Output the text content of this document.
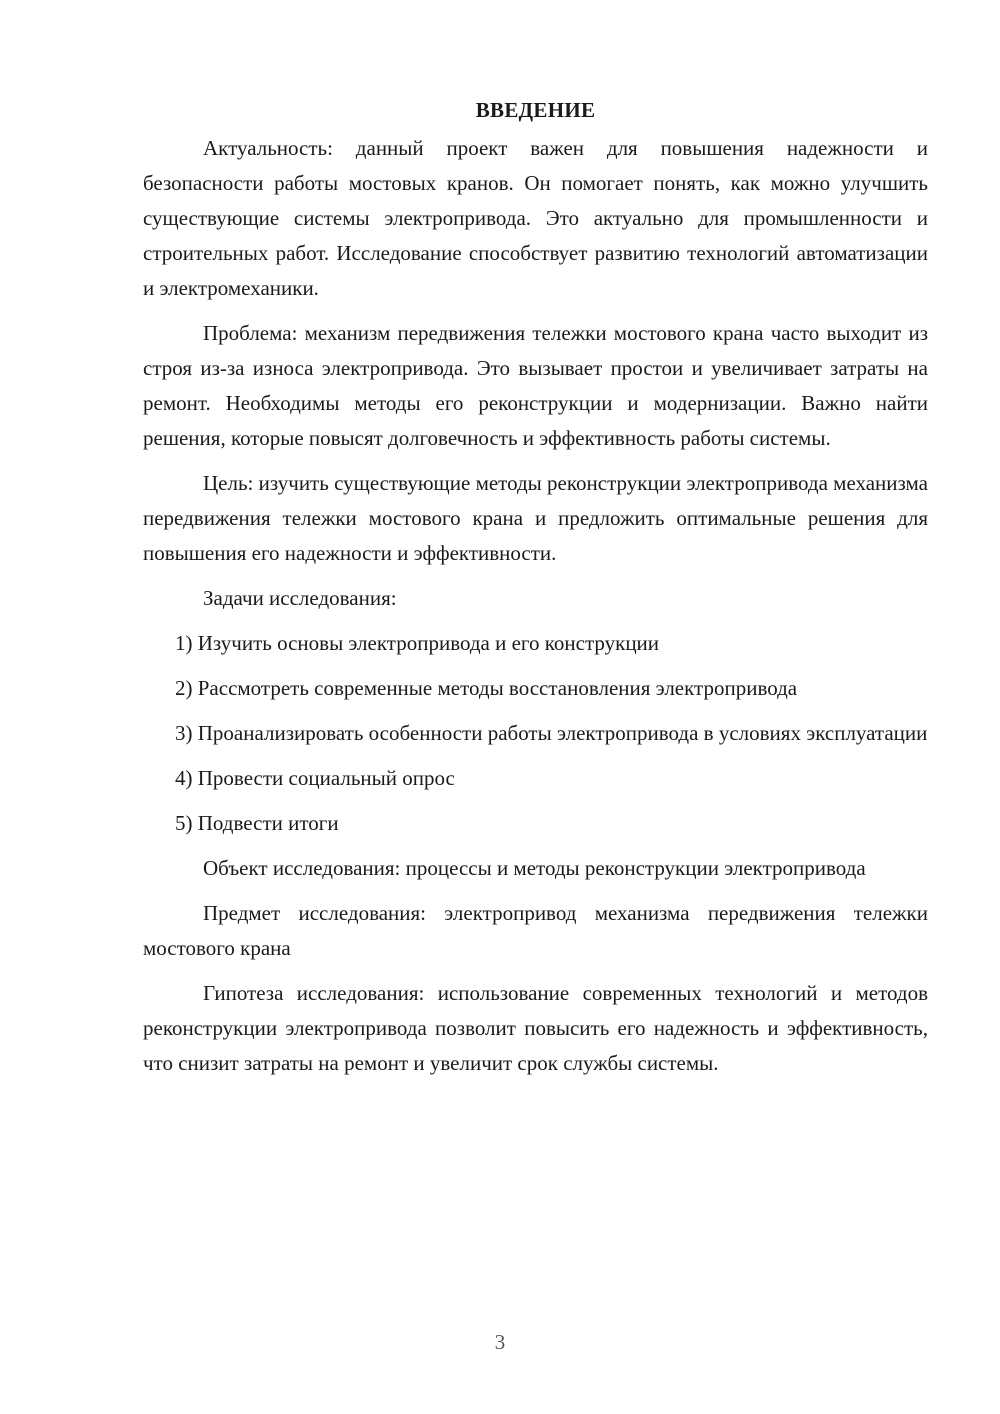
ВВЕДЕНИЕ

Актуальность: данный проект важен для повышения надежности и безопасности работы мостовых кранов. Он помогает понять, как можно улучшить существующие системы электропривода. Это актуально для промышленности и строительных работ. Исследование способствует развитию технологий автоматизации и электромеханики.

Проблема: механизм передвижения тележки мостового крана часто выходит из строя из-за износа электропривода. Это вызывает простои и увеличивает затраты на ремонт. Необходимы методы его реконструкции и модернизации. Важно найти решения, которые повысят долговечность и эффективность работы системы.

Цель: изучить существующие методы реконструкции электропривода механизма передвижения тележки мостового крана и предложить оптимальные решения для повышения его надежности и эффективности.

Задачи исследования:

1) Изучить основы электропривода и его конструкции

2) Рассмотреть современные методы восстановления электропривода

3) Проанализировать особенности работы электропривода в условиях эксплуатации

4) Провести социальный опрос

5) Подвести итоги

Объект исследования: процессы и методы реконструкции электропривода

Предмет исследования: электропривод механизма передвижения тележки мостового крана

Гипотеза исследования: использование современных технологий и методов реконструкции электропривода позволит повысить его надежность и эффективность, что снизит затраты на ремонт и увеличит срок службы системы.

3
